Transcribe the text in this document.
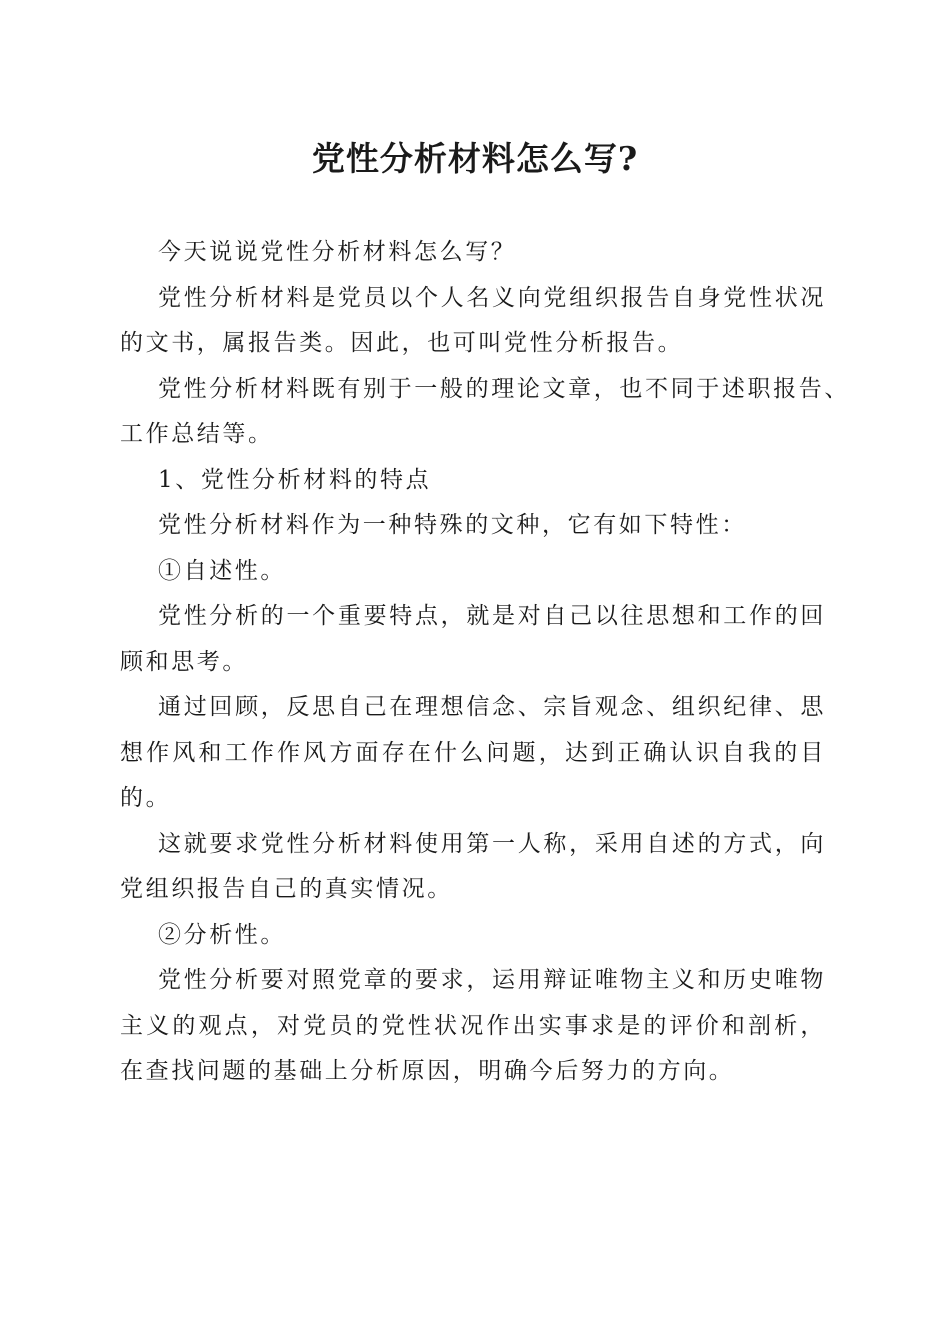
党性分析材料怎么写?

今天说说党性分析材料怎么写？

党性分析材料是党员以个人名义向党组织报告自身党性状况的文书，属报告类。因此，也可叫党性分析报告。

党性分析材料既有别于一般的理论文章，也不同于述职报告、工作总结等。

1、党性分析材料的特点

党性分析材料作为一种特殊的文种，它有如下特性：

①自述性。

党性分析的一个重要特点，就是对自己以往思想和工作的回顾和思考。

通过回顾，反思自己在理想信念、宗旨观念、组织纪律、思想作风和工作作风方面存在什么问题，达到正确认识自我的目的。

这就要求党性分析材料使用第一人称，采用自述的方式，向党组织报告自己的真实情况。

②分析性。

党性分析要对照党章的要求，运用辩证唯物主义和历史唯物主义的观点，对党员的党性状况作出实事求是的评价和剖析，在查找问题的基础上分析原因，明确今后努力的方向。
